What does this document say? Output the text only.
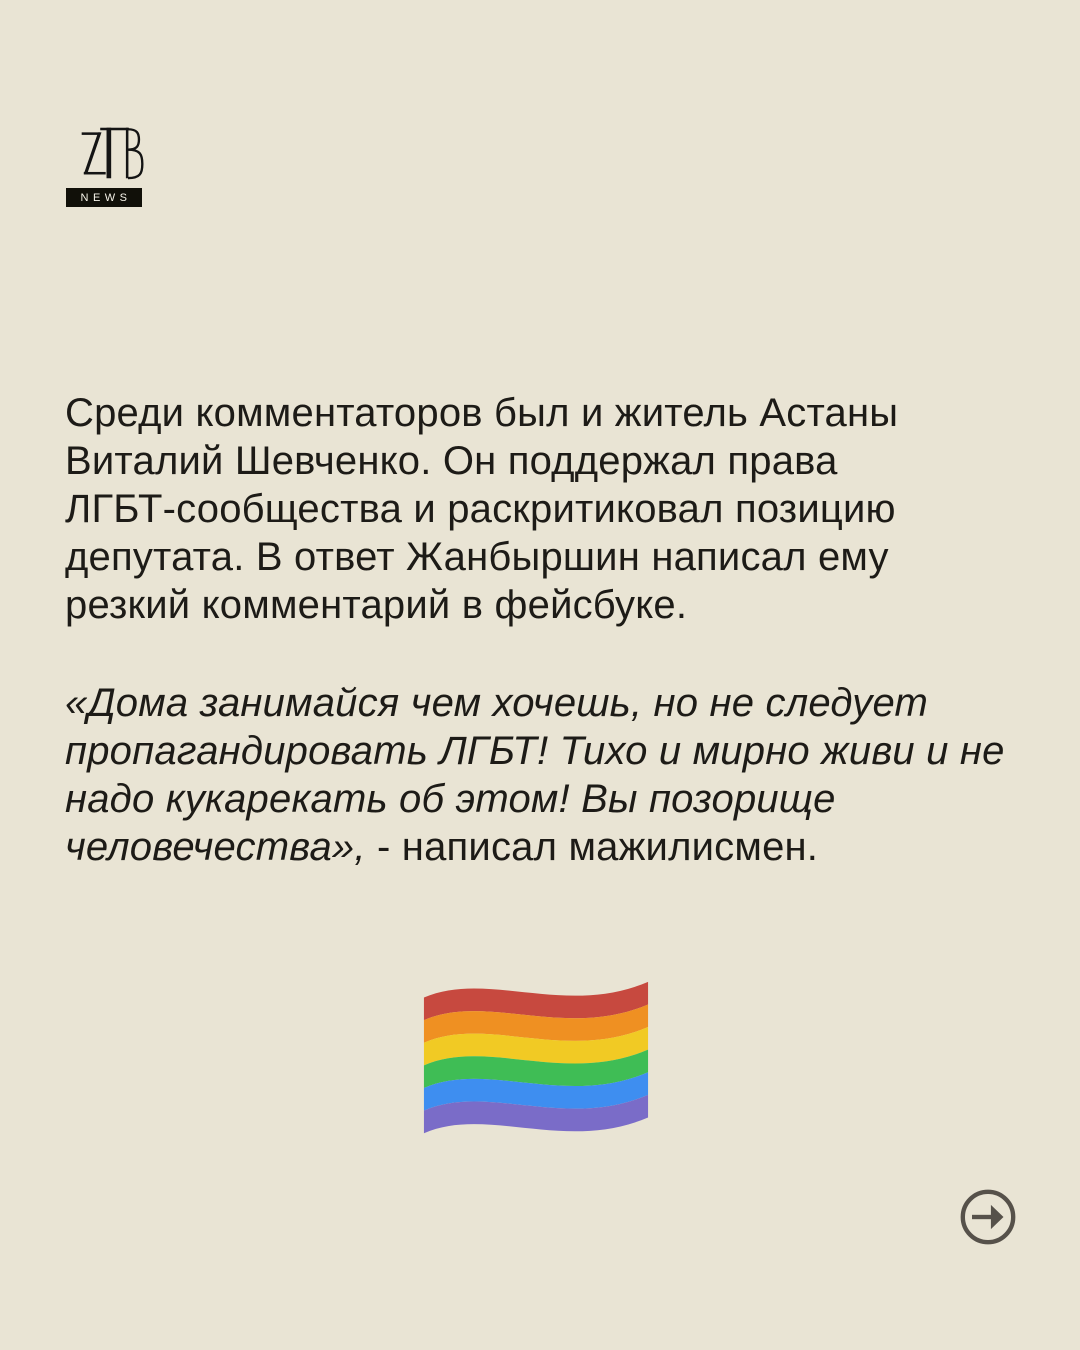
NEWS
Среди комментаторов был и житель Астаны
Виталий Шевченко. Он поддержал права
ЛГБТ-сообщества и раскритиковал позицию
депутата. В ответ Жанбыршин написал ему
резкий комментарий в фейсбуке.
«Дома занимайся чем хочешь, но не следует
пропагандировать ЛГБТ! Тихо и мирно живи и не
надо кукарекать об этом! Вы позорище
человечества», - написал мажилисмен.
